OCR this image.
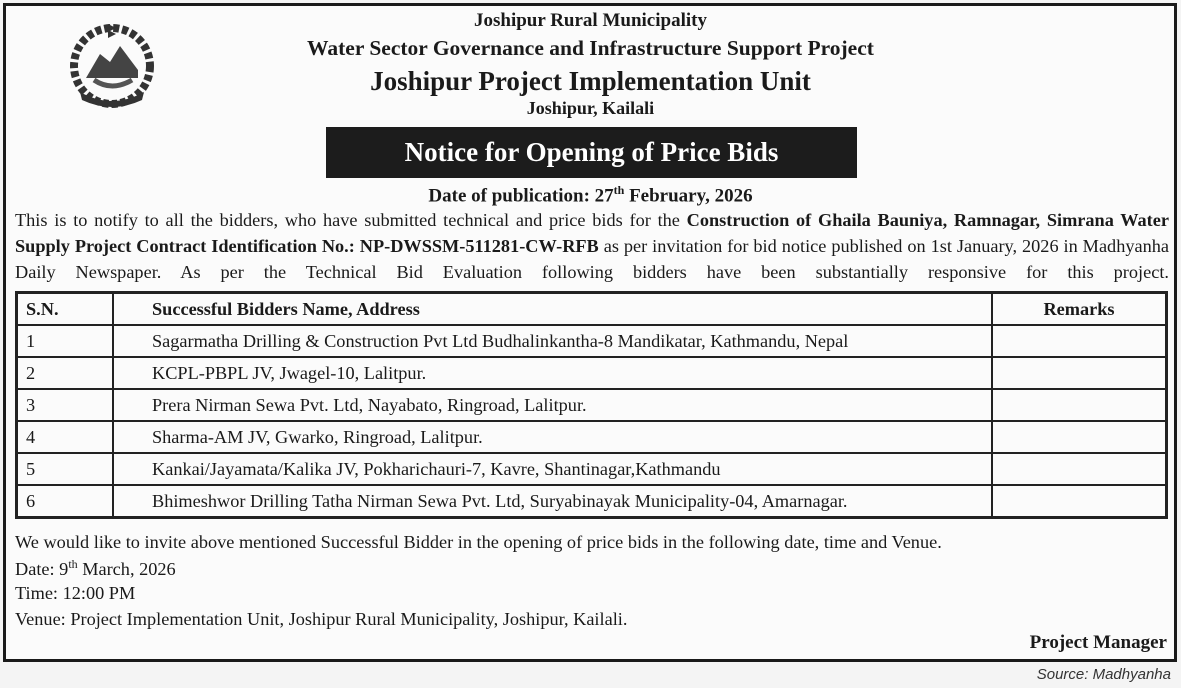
Joshipur Rural Municipality
Water Sector Governance and Infrastructure Support Project
Joshipur Project Implementation Unit
Joshipur, Kailali
Notice for Opening of Price Bids
Date of publication: 27th February, 2026
This is to notify to all the bidders, who have submitted technical and price bids for the Construction of Ghaila Bauniya, Ramnagar, Simrana Water Supply Project Contract Identification No.: NP-DWSSM-511281-CW-RFB as per invitation for bid notice published on 1st January, 2026 in Madhyanha Daily Newspaper. As per the Technical Bid Evaluation following bidders have been substantially responsive for this project.
S.N.	Successful Bidders Name, Address	Remarks
1	Sagarmatha Drilling & Construction Pvt Ltd Budhalinkantha-8 Mandikatar, Kathmandu, Nepal	
2	KCPL-PBPL JV, Jwagel-10, Lalitpur.	
3	Prera Nirman Sewa Pvt. Ltd, Nayabato, Ringroad, Lalitpur.	
4	Sharma-AM JV, Gwarko, Ringroad, Lalitpur.	
5	Kankai/Jayamata/Kalika JV, Pokharichauri-7, Kavre, Shantinagar,Kathmandu	
6	Bhimeshwor Drilling Tatha Nirman Sewa Pvt. Ltd, Suryabinayak Municipality-04, Amarnagar.	
We would like to invite above mentioned Successful Bidder in the opening of price bids in the following date, time and Venue.
Date: 9th March, 2026
Time: 12:00 PM
Venue: Project Implementation Unit, Joshipur Rural Municipality, Joshipur, Kailali.
Project Manager
Source: Madhyanha
